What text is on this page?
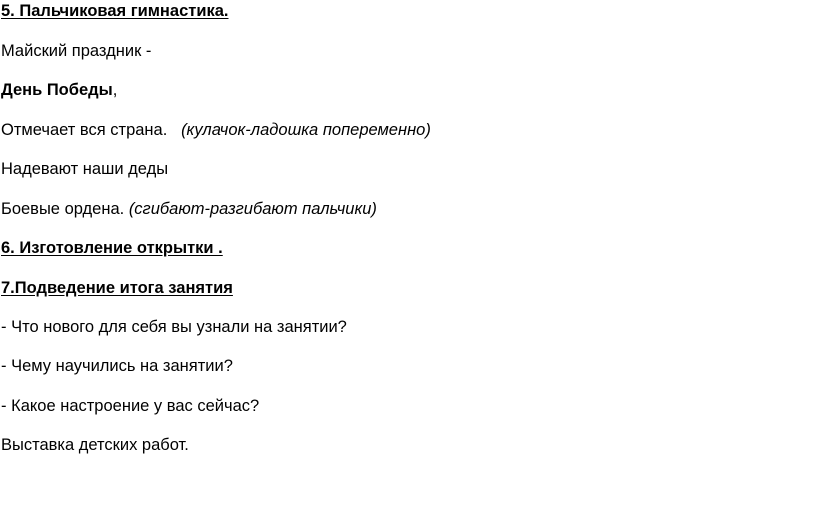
5. Пальчиковая гимнастика.
Майский праздник -
День Победы,
Отмечает вся страна. (кулачок-ладошка попеременно)
Надевают наши деды
Боевые ордена. (сгибают-разгибают пальчики)
6. Изготовление открытки .
7.Подведение итога занятия
- Что нового для себя вы узнали на занятии?
- Чему научились на занятии?
- Какое настроение у вас сейчас?
Выставка детских работ.
